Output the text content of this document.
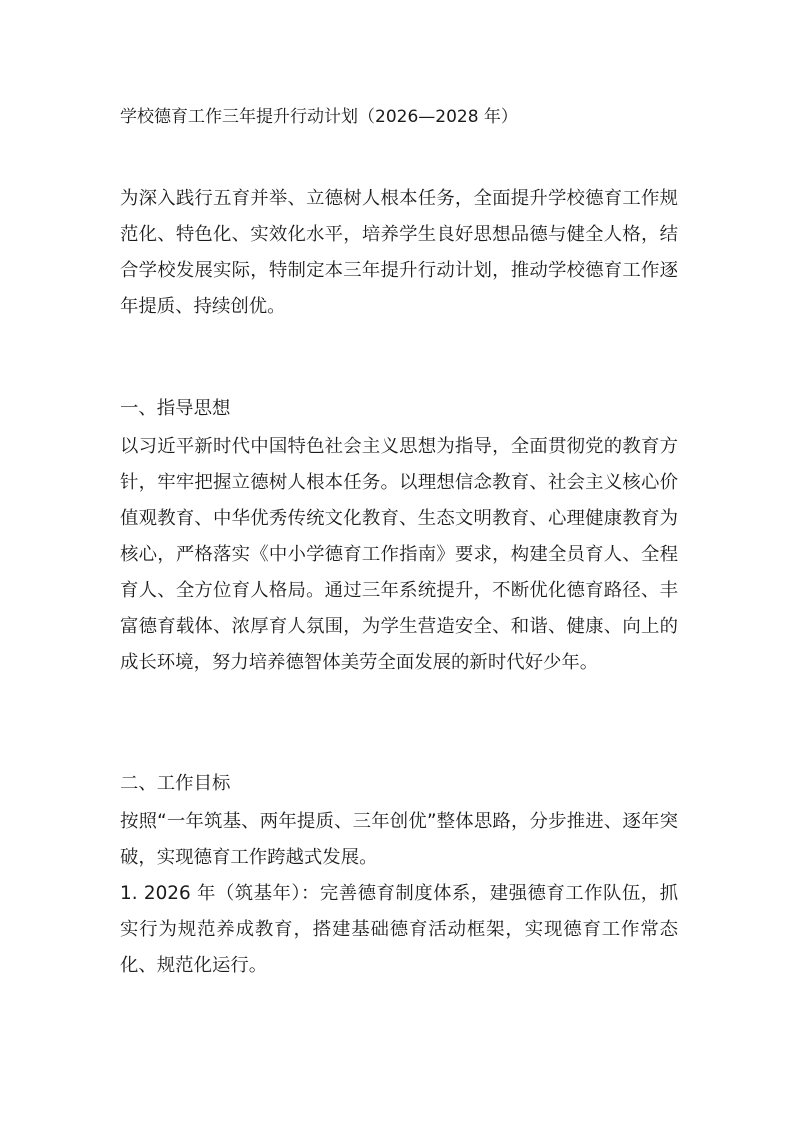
学校德育工作三年提升行动计划（2026—2028 年）
为深入践行五育并举、立德树人根本任务，全面提升学校德育工作规范化、特色化、实效化水平，培养学生良好思想品德与健全人格，结合学校发展实际，特制定本三年提升行动计划，推动学校德育工作逐年提质、持续创优。
一、指导思想
以习近平新时代中国特色社会主义思想为指导，全面贯彻党的教育方针，牢牢把握立德树人根本任务。以理想信念教育、社会主义核心价值观教育、中华优秀传统文化教育、生态文明教育、心理健康教育为核心，严格落实《中小学德育工作指南》要求，构建全员育人、全程育人、全方位育人格局。通过三年系统提升，不断优化德育路径、丰富德育载体、浓厚育人氛围，为学生营造安全、和谐、健康、向上的成长环境，努力培养德智体美劳全面发展的新时代好少年。
二、工作目标
按照“一年筑基、两年提质、三年创优”整体思路，分步推进、逐年突破，实现德育工作跨越式发展。
1. 2026 年（筑基年）：完善德育制度体系，建强德育工作队伍，抓实行为规范养成教育，搭建基础德育活动框架，实现德育工作常态化、规范化运行。
